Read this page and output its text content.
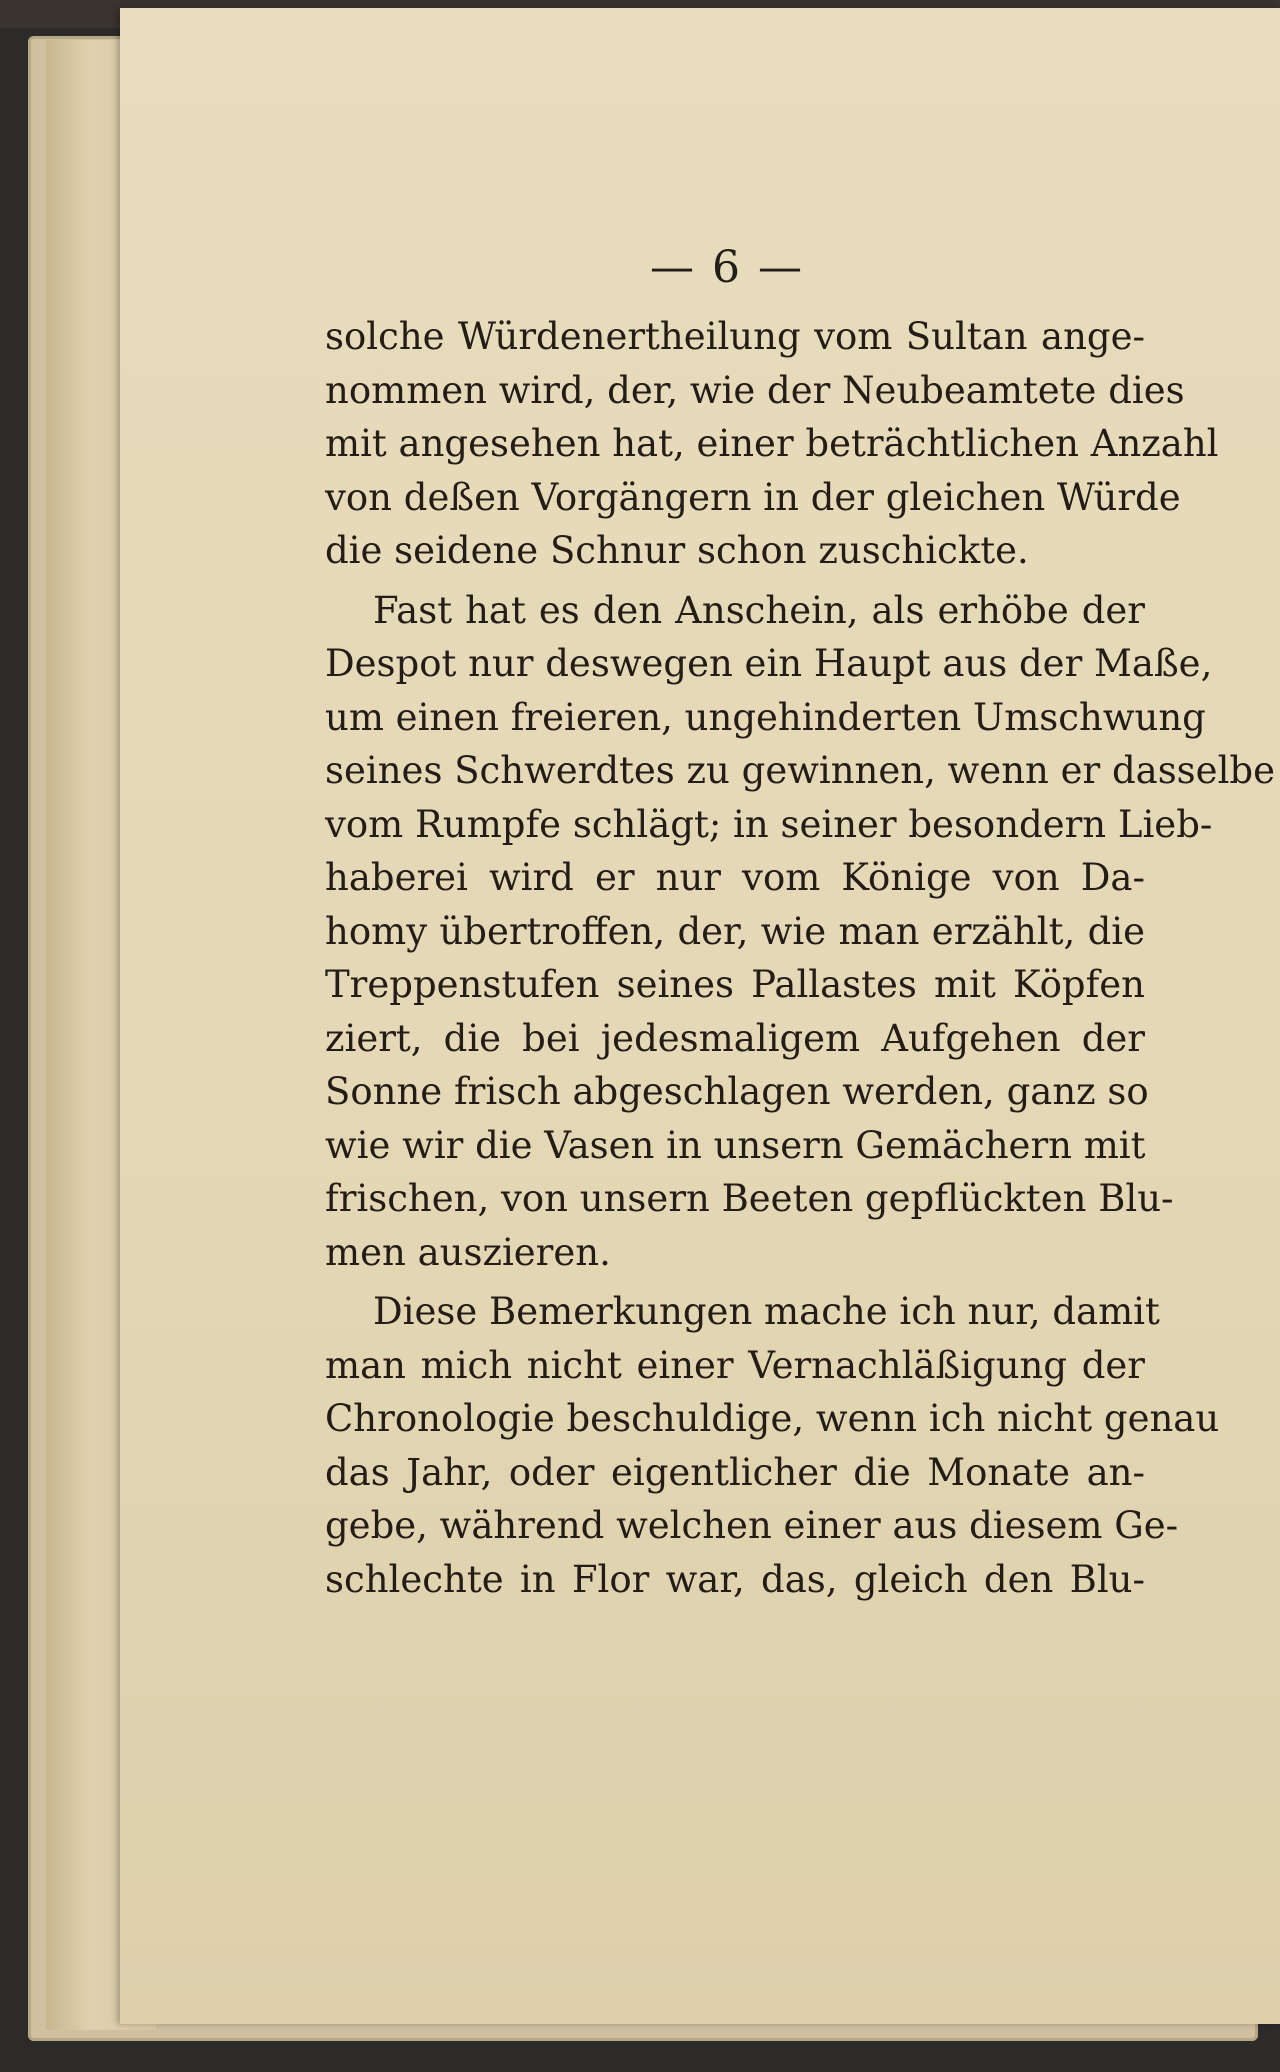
— 6 —
solche Würdenertheilung vom Sultan ange-
nommen wird, der, wie der Neubeamtete dies
mit angesehen hat, einer beträchtlichen Anzahl
von deßen Vorgängern in der gleichen Würde
die seidene Schnur schon zuschickte.
Fast hat es den Anschein, als erhöbe der
Despot nur deswegen ein Haupt aus der Maße,
um einen freieren, ungehinderten Umschwung
seines Schwerdtes zu gewinnen, wenn er dasselbe
vom Rumpfe schlägt; in seiner besondern Lieb-
haberei wird er nur vom Könige von Da-
homy übertroffen, der, wie man erzählt, die
Treppenstufen seines Pallastes mit Köpfen
ziert, die bei jedesmaligem Aufgehen der
Sonne frisch abgeschlagen werden, ganz so
wie wir die Vasen in unsern Gemächern mit
frischen, von unsern Beeten gepflückten Blu-
men auszieren.
Diese Bemerkungen mache ich nur, damit
man mich nicht einer Vernachläßigung der
Chronologie beschuldige, wenn ich nicht genau
das Jahr, oder eigentlicher die Monate an-
gebe, während welchen einer aus diesem Ge-
schlechte in Flor war, das, gleich den Blu-
